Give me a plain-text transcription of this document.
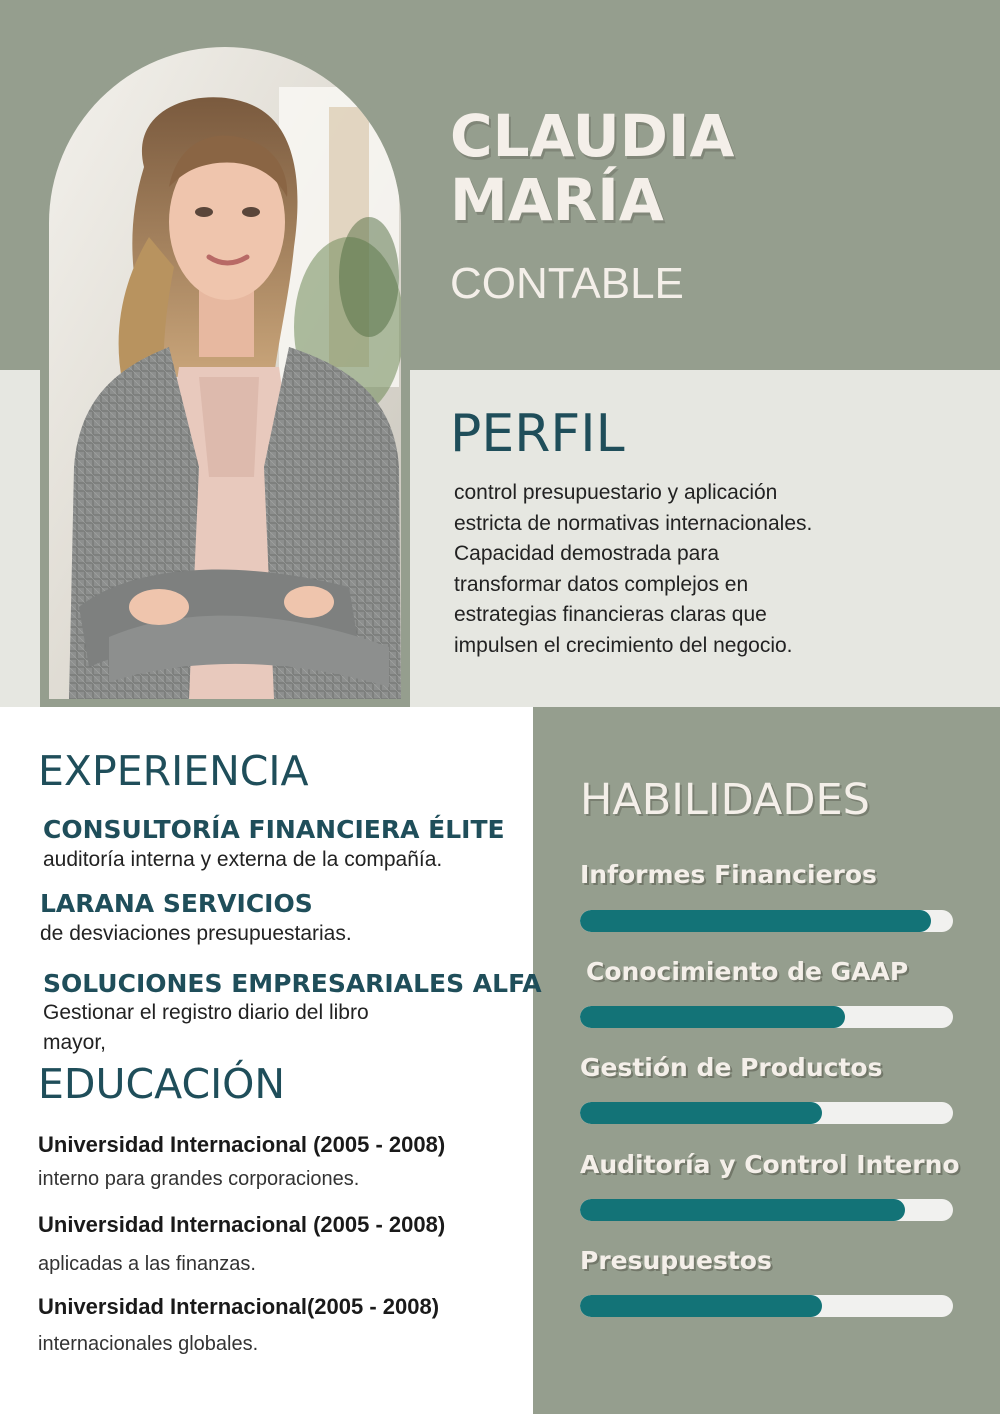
CLAUDIA
MARÍA
CONTABLE
PERFIL

control presupuestario y aplicación
estricta de normativas internacionales.
Capacidad demostrada para
transformar datos complejos en
estrategias financieras claras que
impulsen el crecimiento del negocio.

EXPERIENCIA

CONSULTORÍA FINANCIERA ÉLITE

auditoría interna y externa de la compañía.

LARANA SERVICIOS

de desviaciones presupuestarias.

SOLUCIONES EMPRESARIALES ALFA

Gestionar el registro diario del libro

mayor,

EDUCACIÓN

Universidad Internacional (2005 - 2008)

interno para grandes corporaciones.

Universidad Internacional (2005 - 2008)

aplicadas a las finanzas.

Universidad Internacional(2005 - 2008)

internacionales globales.

HABILIDADES

Informes Financieros

Conocimiento de GAAP

Gestión de Productos

Auditoría y Control Interno

Presupuestos
